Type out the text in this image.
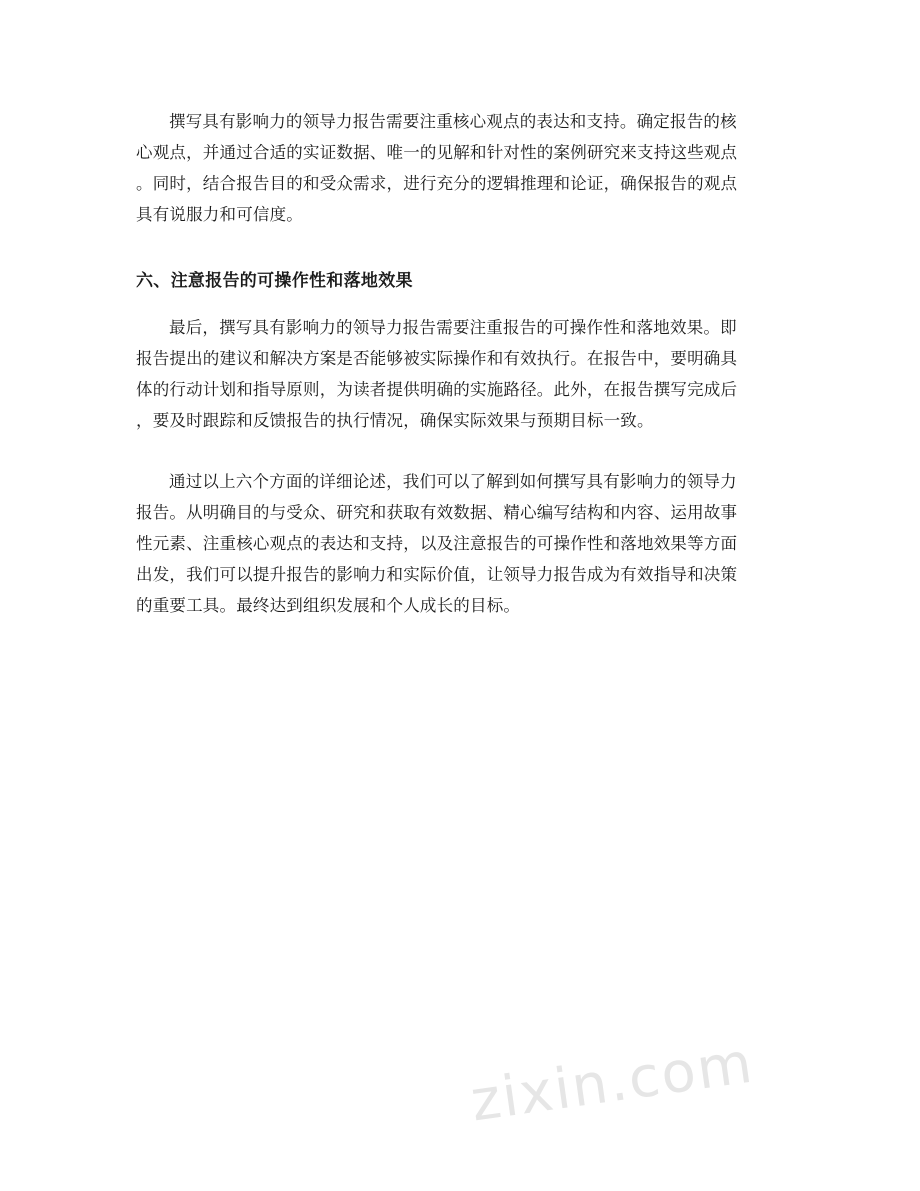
撰写具有影响力的领导力报告需要注重核心观点的表达和支持。确定报告的核
心观点，并通过合适的实证数据、唯一的见解和针对性的案例研究来支持这些观点
。同时，结合报告目的和受众需求，进行充分的逻辑推理和论证，确保报告的观点
具有说服力和可信度。

六、注意报告的可操作性和落地效果

最后，撰写具有影响力的领导力报告需要注重报告的可操作性和落地效果。即
报告提出的建议和解决方案是否能够被实际操作和有效执行。在报告中，要明确具
体的行动计划和指导原则，为读者提供明确的实施路径。此外，在报告撰写完成后
，要及时跟踪和反馈报告的执行情况，确保实际效果与预期目标一致。

通过以上六个方面的详细论述，我们可以了解到如何撰写具有影响力的领导力
报告。从明确目的与受众、研究和获取有效数据、精心编写结构和内容、运用故事
性元素、注重核心观点的表达和支持，以及注意报告的可操作性和落地效果等方面
出发，我们可以提升报告的影响力和实际价值，让领导力报告成为有效指导和决策
的重要工具。最终达到组织发展和个人成长的目标。

zixin.com
